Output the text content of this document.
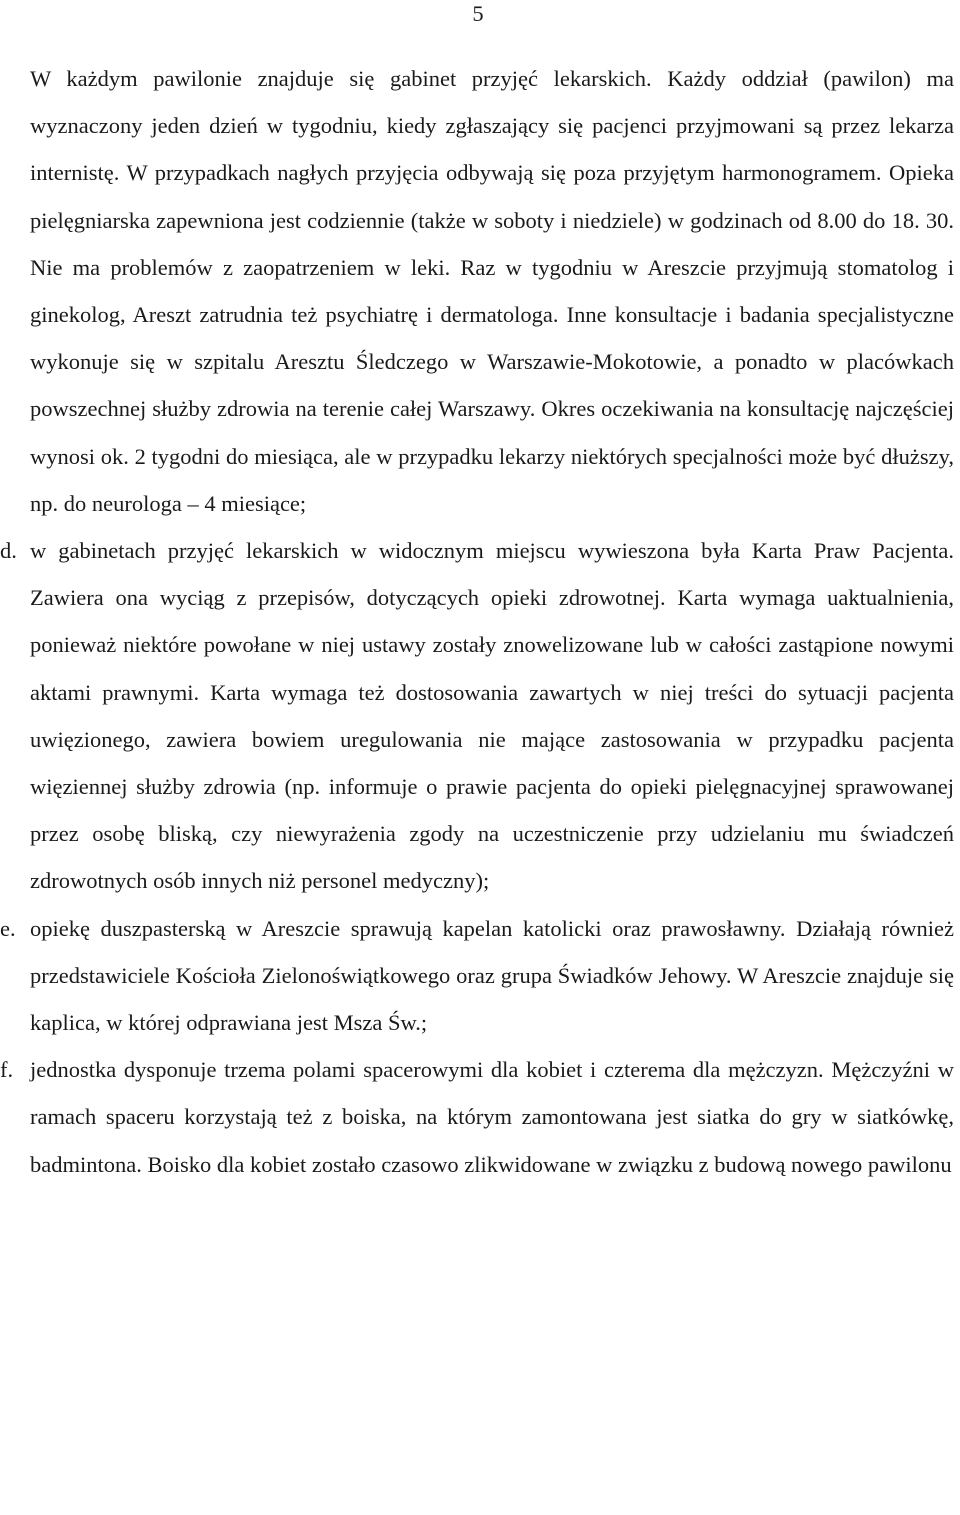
5

W każdym pawilonie znajduje się gabinet przyjęć lekarskich. Każdy oddział (pawilon) ma wyznaczony jeden dzień w tygodniu, kiedy zgłaszający się pacjenci przyjmowani są przez lekarza internistę. W przypadkach nagłych przyjęcia odbywają się poza przyjętym harmonogramem. Opieka pielęgniarska zapewniona jest codziennie (także w soboty i niedziele) w godzinach od 8.00 do 18. 30. Nie ma problemów z zaopatrzeniem w leki. Raz w tygodniu w Areszcie przyjmują stomatolog i ginekolog, Areszt zatrudnia też psychiatrę i dermatologa. Inne konsultacje i badania specjalistyczne wykonuje się w szpitalu Aresztu Śledczego w Warszawie-Mokotowie, a ponadto w placówkach powszechnej służby zdrowia na terenie całej Warszawy. Okres oczekiwania na konsultację najczęściej wynosi ok. 2 tygodni do miesiąca, ale w przypadku lekarzy niektórych specjalności może być dłuższy, np. do neurologa – 4 miesiące;

d. w gabinetach przyjęć lekarskich w widocznym miejscu wywieszona była Karta Praw Pacjenta. Zawiera ona wyciąg z przepisów, dotyczących opieki zdrowotnej. Karta wymaga uaktualnienia, ponieważ niektóre powołane w niej ustawy zostały znowelizowane lub w całości zastąpione nowymi aktami prawnymi. Karta wymaga też dostosowania zawartych w niej treści do sytuacji pacjenta uwięzionego, zawiera bowiem uregulowania nie mające zastosowania w przypadku pacjenta więziennej służby zdrowia (np. informuje o prawie pacjenta do opieki pielęgnacyjnej sprawowanej przez osobę bliską, czy niewyrażenia zgody na uczestniczenie przy udzielaniu mu świadczeń zdrowotnych osób innych niż personel medyczny);
e. opiekę duszpasterską w Areszcie sprawują kapelan katolicki oraz prawosławny. Działają również przedstawiciele Kościoła Zielonoświątkowego oraz grupa Świadków Jehowy. W Areszcie znajduje się kaplica, w której odprawiana jest Msza Św.;
f. jednostka dysponuje trzema polami spacerowymi dla kobiet i czterema dla mężczyzn. Mężczyźni w ramach spaceru korzystają też z boiska, na którym zamontowana jest siatka do gry w siatkówkę, badmintona. Boisko dla kobiet zostało czasowo zlikwidowane w związku z budową nowego pawilonu
